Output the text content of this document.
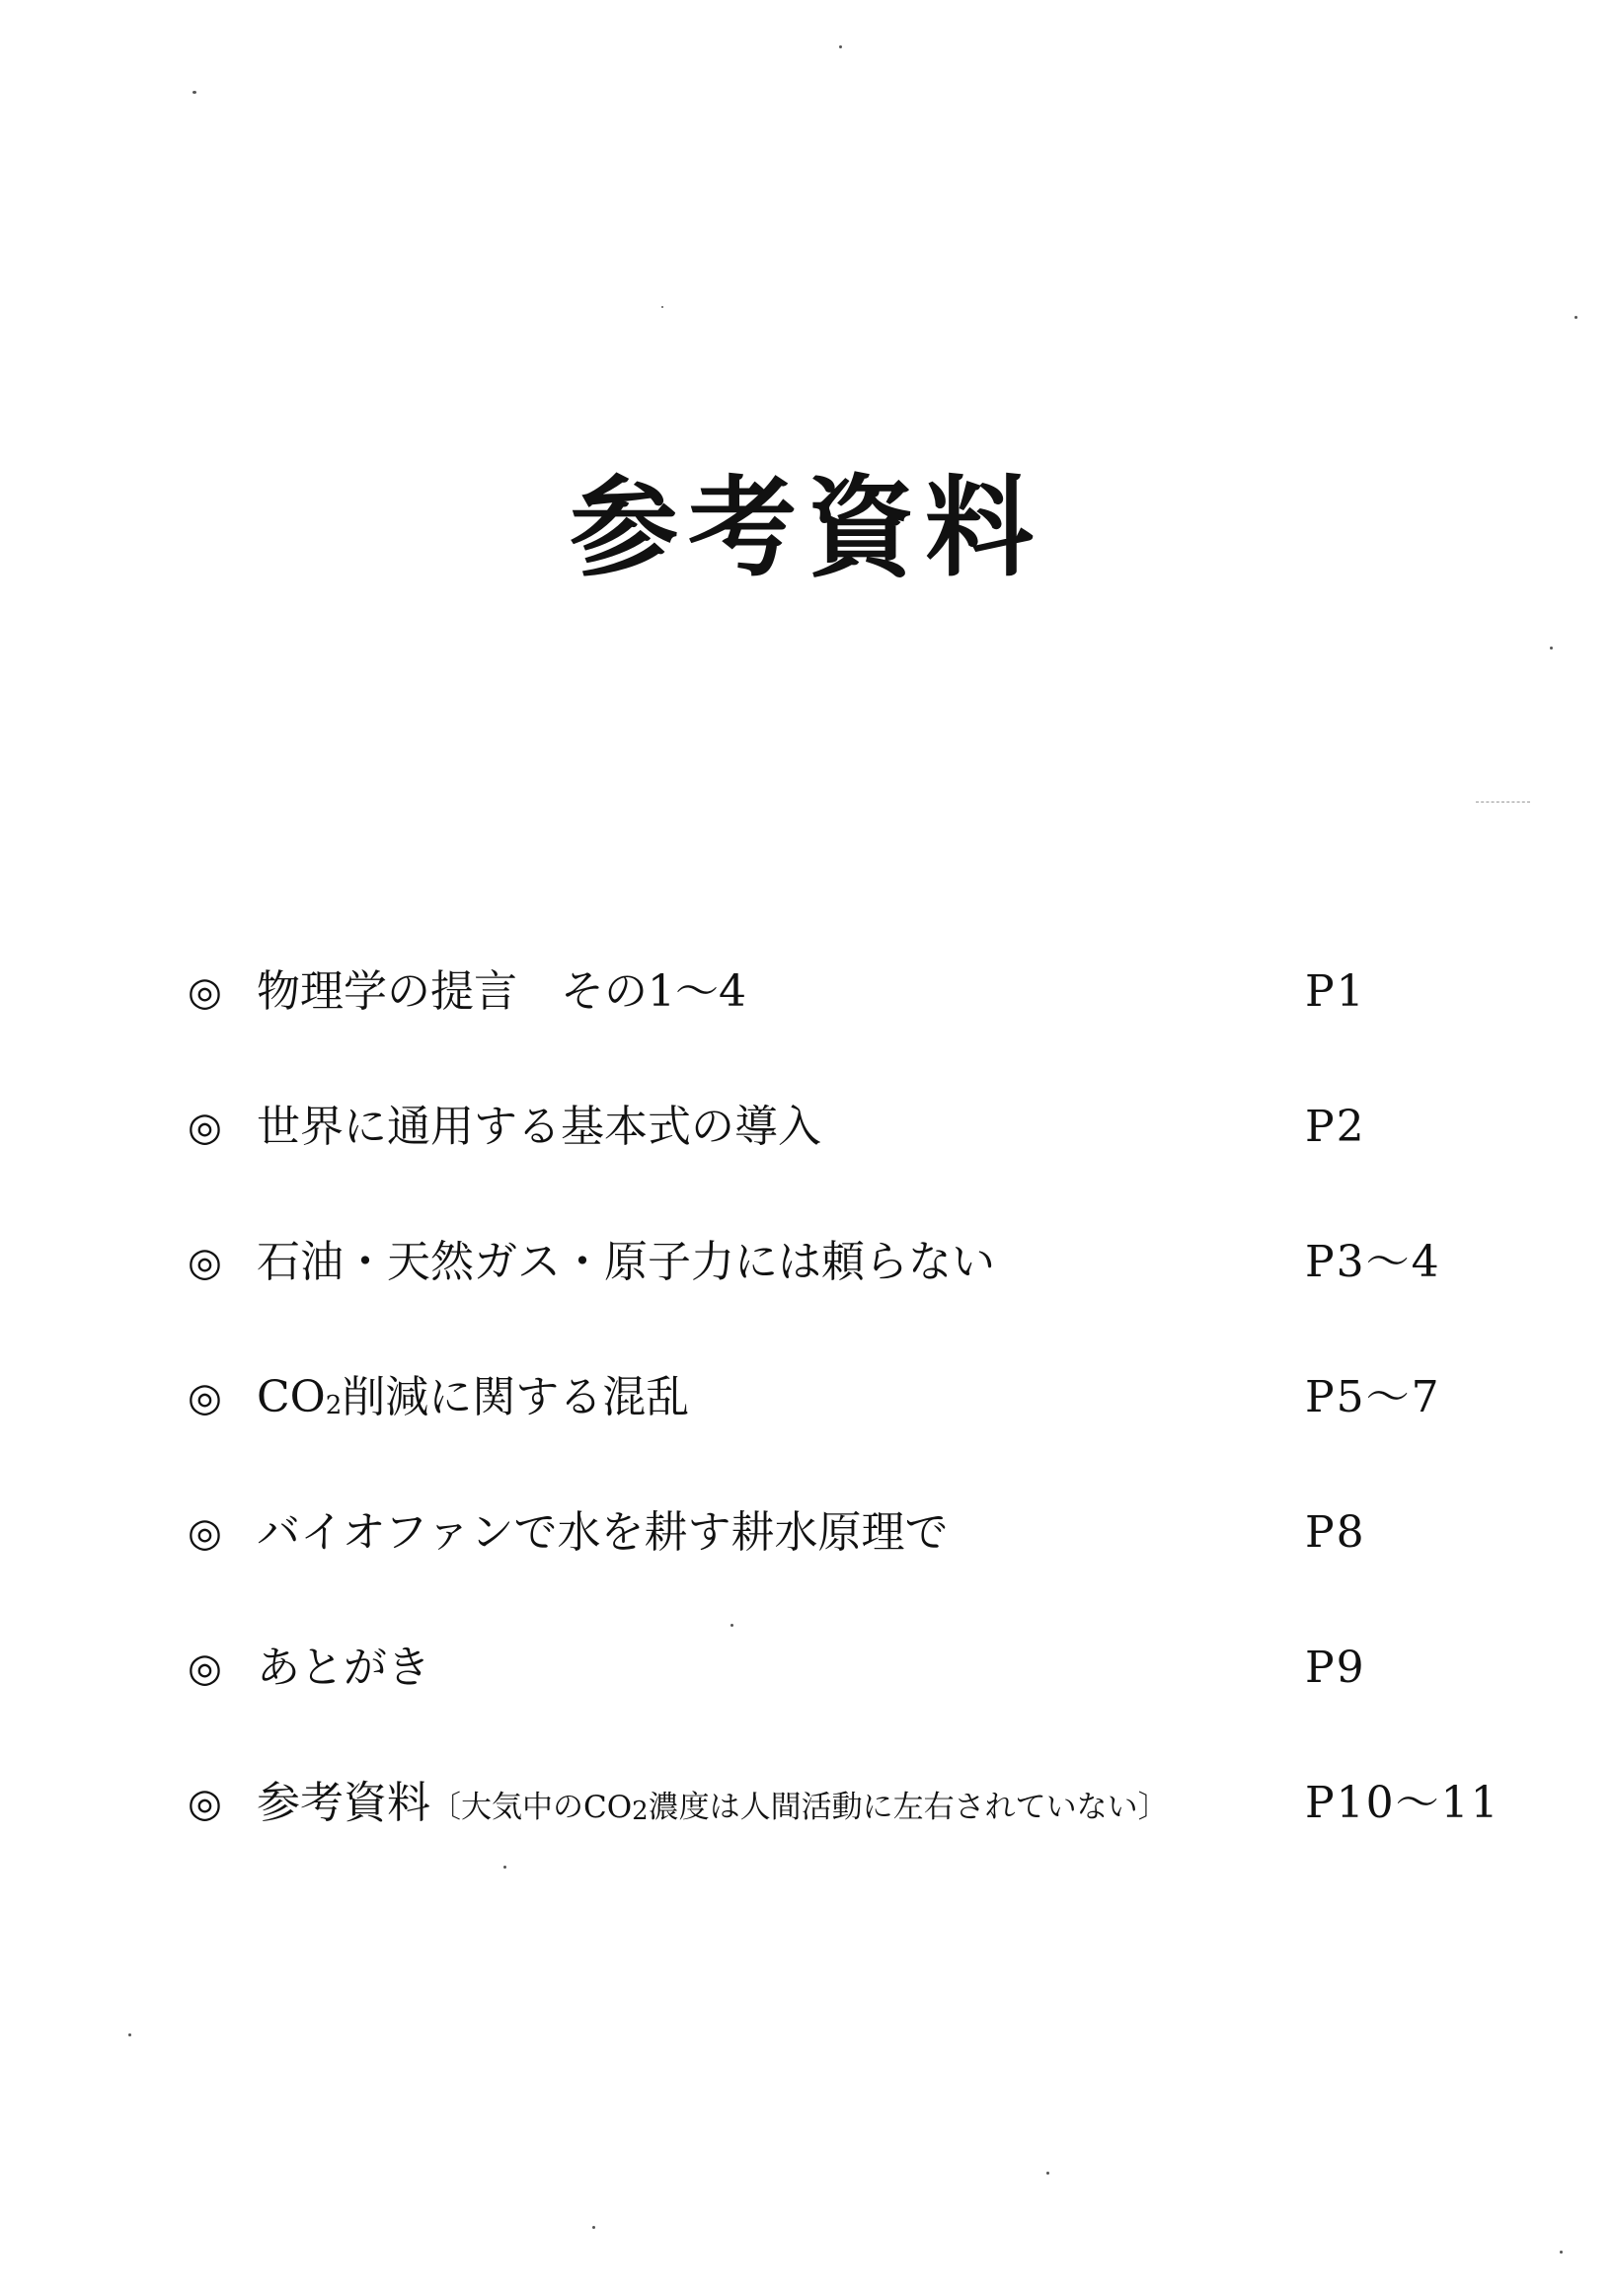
参考資料
◎ 物理学の提言　その1〜4	P1
◎ 世界に通用する基本式の導入	P2
◎ 石油・天然ガス・原子力には頼らない	P3〜4
◎ CO2削減に関する混乱	P5〜7
◎ バイオファンで水を耕す耕水原理で	P8
◎ あとがき	P9
◎ 参考資料〔大気中のCO2濃度は人間活動に左右されていない〕	P10〜11
